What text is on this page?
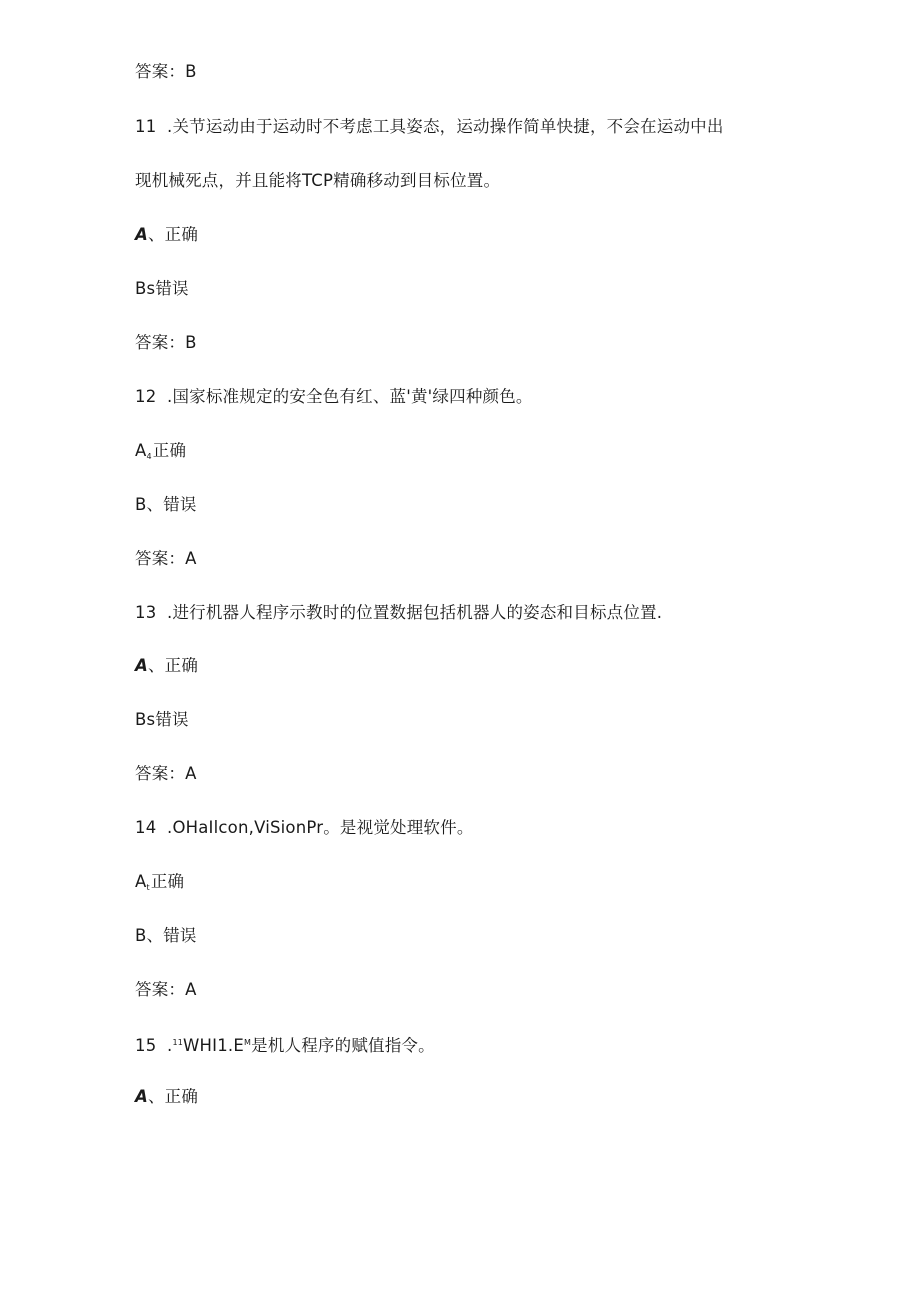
答案：B
11 .关节运动由于运动时不考虑工具姿态，运动操作简单快捷，不会在运动中出
现机械死点，并且能将TCP精确移动到目标位置。
A、正确
Bs错误
答案：B
12 .国家标准规定的安全色有红、蓝'黄'绿四种颜色。
$A_4$正确
B、错误
答案：A
13 .进行机器人程序示教时的位置数据包括机器人的姿态和目标点位置.
A、正确
Bs错误
答案：A
14 .OHaIlcon,ViSionPr。是视觉处理软件。
$A_t$正确
B、错误
答案：A
15 $.^{11}WHI1.E^M$是机人程序的赋值指令。
A、正确
